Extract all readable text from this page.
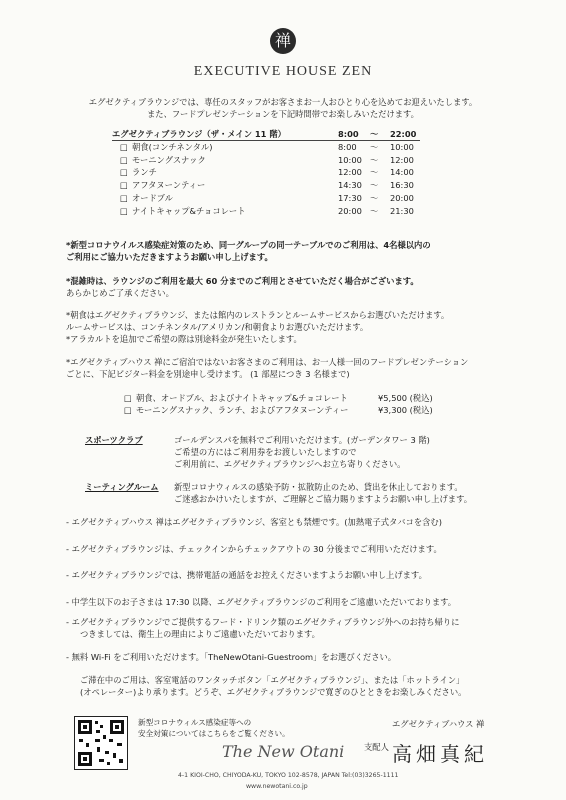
禅
EXECUTIVE HOUSE ZEN
エグゼクティブラウンジでは、専任のスタッフがお客さまお一人おひとり心を込めてお迎えいたします。
また、フードプレゼンテーションを下記時間帯でお楽しみいただけます。
エグゼクティブラウンジ（ザ・メイン 11 階）	8:00 ～ 22:00
□ 朝食(コンチネンタル)	8:00 ～ 10:00
□ モーニングスナック	10:00 ～ 12:00
□ ランチ	12:00 ～ 14:00
□ アフタヌーンティー	14:30 ～ 16:30
□ オードブル	17:30 ～ 20:00
□ ナイトキャップ&チョコレート	20:00 ～ 21:30
*新型コロナウイルス感染症対策のため、同一グループの同一テーブルでのご利用は、4名様以内の
ご利用にご協力いただきますようお願い申し上げます。
*混雑時は、ラウンジのご利用を最大 60 分までのご利用とさせていただく場合がございます。
あらかじめご了承ください。
*朝食はエグゼクティブラウンジ、または館内のレストランとルームサービスからお選びいただけます。
ルームサービスは、コンチネンタル/アメリカン/和朝食よりお選びいただけます。
*アラカルトを追加でご希望の際は別途料金が発生いたします。
*エグゼクティブハウス 禅にご宿泊ではないお客さまのご利用は、お一人様一回のフードプレゼンテーション
ごとに、下記ビジター料金を別途申し受けます。 (1 部屋につき 3 名様まで)
□ 朝食、オードブル、およびナイトキャップ&チョコレート	¥5,500 (税込)
□ モーニングスナック、ランチ、およびアフタヌーンティー	¥3,300 (税込)
スポーツクラブ	ゴールデンスパを無料でご利用いただけます。(ガーデンタワー 3 階)
ご希望の方にはご利用券をお渡しいたしますので
ご利用前に、エグゼクティブラウンジへお立ち寄りください。
ミーティングルーム 新型コロナウィルスの感染予防・拡散防止のため、貸出を休止しております。
ご迷惑おかけいたしますが、ご理解とご協力賜りますようお願い申し上げます。
- エグゼクティブハウス 禅はエグゼクティブラウンジ、客室とも禁煙です。(加熱電子式タバコを含む)
- エグゼクティブラウンジは、チェックインからチェックアウトの 30 分後までご利用いただけます。
- エグゼクティブラウンジでは、携帯電話の通話をお控えくださいますようお願い申し上げます。
- 中学生以下のお子さまは 17:30 以降、エグゼクティブラウンジのご利用をご遠慮いただいております。
- エグゼクティブラウンジでご提供するフード・ドリンク類のエグゼクティブラウンジ外へのお持ち帰りに
つきましては、衛生上の理由によりご遠慮いただいております。
- 無料 Wi-Fi をご利用いただけます。「TheNewOtani-Guestroom」をお選びください。
ご滞在中のご用は、客室電話のワンタッチボタン「エグゼクティブラウンジ」、または「ホットライン」
(オペレーター)より承ります。どうぞ、エグゼクティブラウンジで寛ぎのひとときをお楽しみください。
新型コロナウィルス感染症等への
安全対策についてはこちらをご覧ください。
エグゼクティブハウス 禅
支配人 高畑真紀
The New Otani
4-1 KIOI-CHO, CHIYODA-KU, TOKYO 102-8578, JAPAN Tel:(03)3265-1111
www.newotani.co.jp
